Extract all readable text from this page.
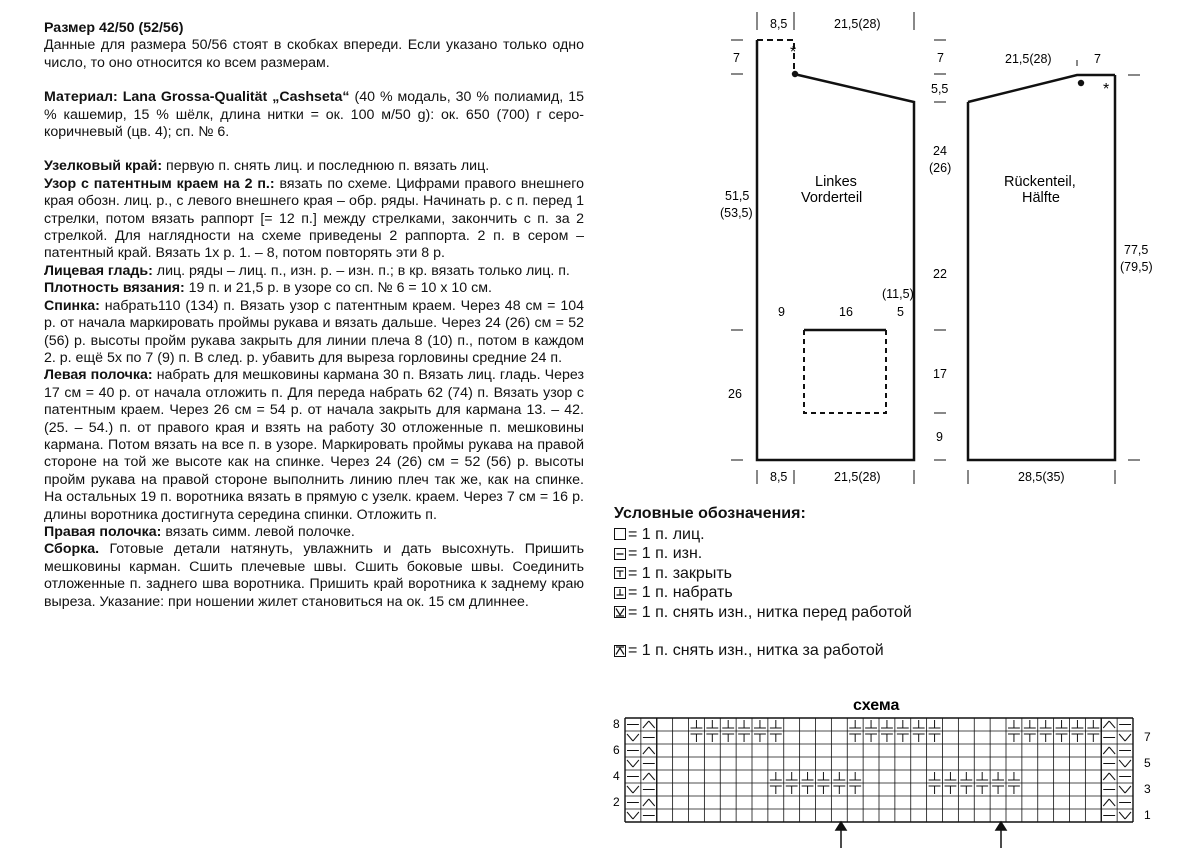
Размер 42/50 (52/56)

Данные для размера 50/56 стоят в скобках впереди. Если указано только одно число, то оно относится ко всем размерам.

Материал: Lana Grossa-Qualität „Cashseta“ (40 % модаль, 30 % полиамид, 15 % кашемир, 15 % шёлк, длина нитки = ок. 100 м/50 g): ок. 650 (700) г серо-коричневый (цв. 4); сп. № 6.

Узелковый край: первую п. снять лиц. и последнюю п. вязать лиц.

Узор с патентным краем на 2 п.: вязать по схеме. Цифрами правого внешнего края обозн. лиц. р., с левого внешнего края – обр. ряды. Начинать р. с п. перед 1 стрелки, потом вязать раппорт [= 12 п.] между стрелками, закончить с п. за 2 стрелкой. Для наглядности на схеме приведены 2 раппорта. 2 п. в сером – патентный край. Вязать 1х р. 1. – 8, потом повторять эти 8 р.

Лицевая гладь: лиц. ряды – лиц. п., изн. р. – изн. п.; в кр. вязать только лиц. п.

Плотность вязания: 19 п. и 21,5 р. в узоре со сп. № 6 = 10 х 10 см.

Спинка: набрать110 (134) п. Вязать узор с патентным краем. Через 48 см = 104 р. от начала маркировать проймы рукава и вязать дальше. Через 24 (26) см = 52 (56) р. высоты пройм рукава закрыть для линии плеча 8 (10) п., потом в каждом 2. р. ещё 5х по 7 (9) п. В след. р. убавить для выреза горловины средние 24 п.

Левая полочка: набрать для мешковины кармана 30 п. Вязать лиц. гладь. Через 17 см = 40 р. от начала отложить п. Для переда набрать 62 (74) п. Вязать узор с патентным краем. Через 26 см = 54 р. от начала закрыть для кармана 13. – 42. (25. – 54.) п. от правого края и взять на работу 30 отложенные п. мешковины кармана. Потом вязать на все п. в узоре. Маркировать проймы рукава на правой стороне на той же высоте как на спинке. Через 24 (26) см = 52 (56) р. высоты пройм рукава на правой стороне выполнить линию плеч так же, как на спинке. На остальных 19 п. воротника вязать в прямую с узелк. краем. Через 7 см = 16 р. длины воротника достигнута середина спинки. Отложить п.

Правая полочка: вязать симм. левой полочке.

Сборка. Готовые детали натянуть, увлажнить и дать высохнуть. Пришить мешковины карман. Сшить плечевые швы. Сшить боковые швы. Соединить отложенные п. заднего шва воротника. Пришить край воротника к заднему краю выреза. Указание: при ношении жилет становиться на ок. 15 см длиннее.

*
*
8,5	21,5(28)
7
51,5
(53,5)
26
9	16	5
(11,5)
8,5	21,5(28)
Linkes
Vorderteil
Rückenteil,
Hälfte
7
5,5
24
(26)
22
17
9
21,5(28)	7
77,5
(79,5)
28,5(35)
Условные обозначения:
= 1 п. лиц.
= 1 п. изн.
= 1 п. закрыть
= 1 п. набрать
= 1 п. снять изн., нитка перед работой
= 1 п. снять изн., нитка за работой
схема
8
6
4
2
7
5
3
1
